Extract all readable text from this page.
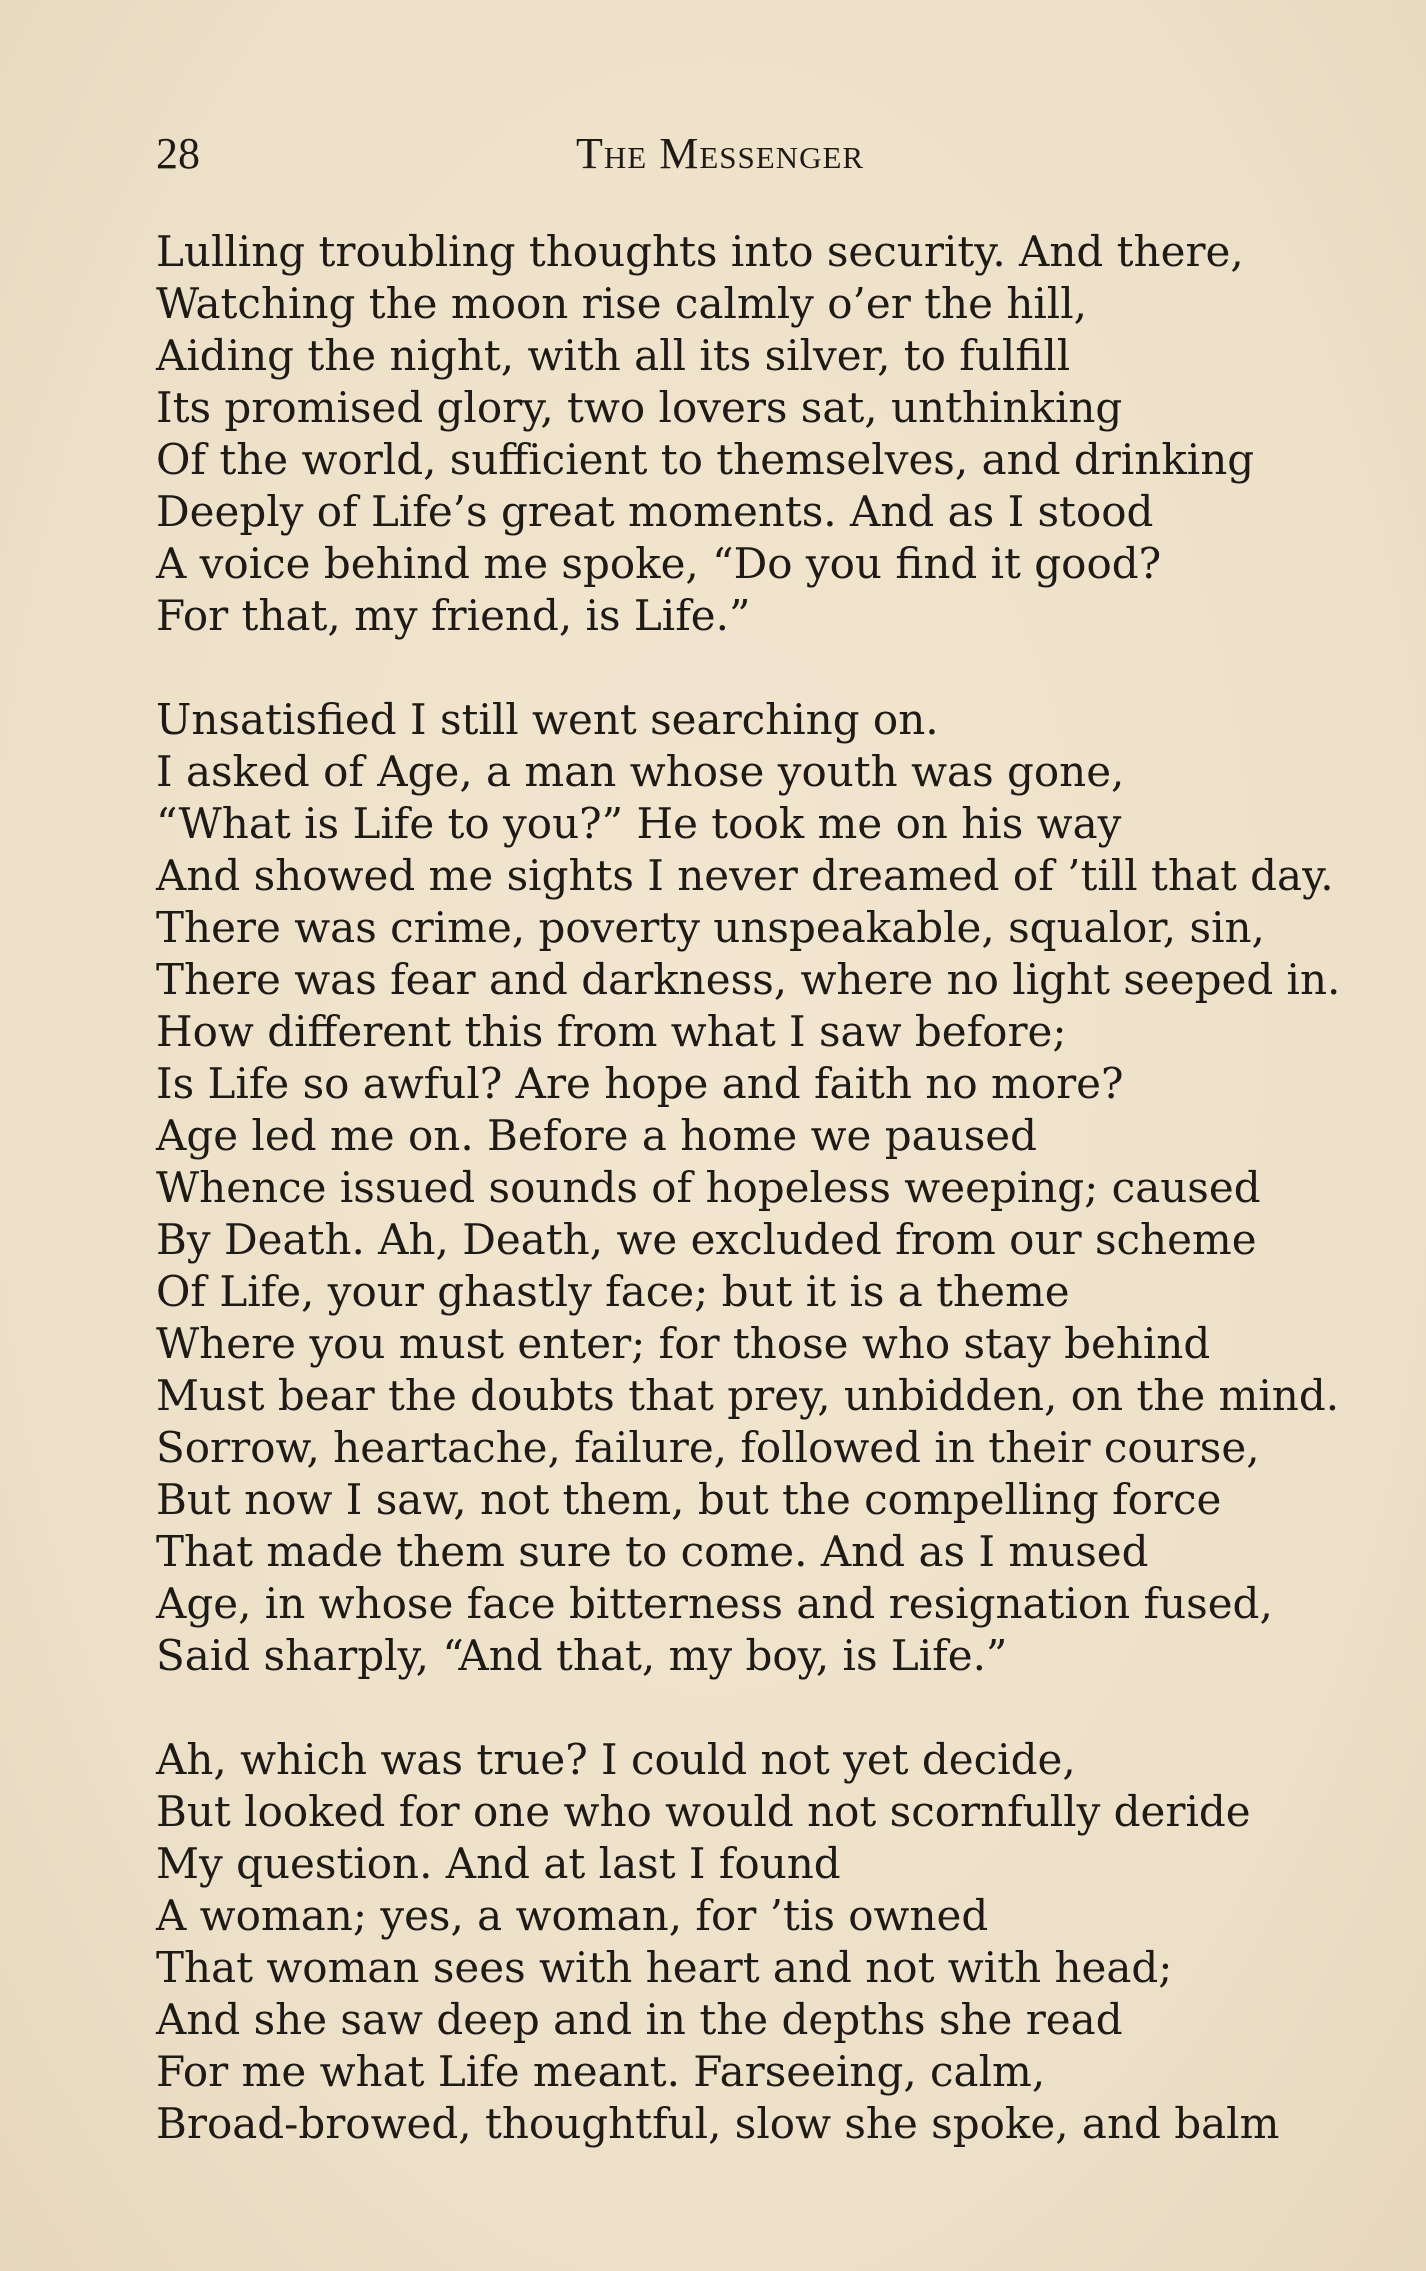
28	The Messenger
Lulling troubling thoughts into security. And there,
Watching the moon rise calmly o’er the hill,
Aiding the night, with all its silver, to fulfill
Its promised glory, two lovers sat, unthinking
Of the world, sufficient to themselves, and drinking
Deeply of Life’s great moments. And as I stood
A voice behind me spoke, “Do you find it good?
For that, my friend, is Life.”
Unsatisfied I still went searching on.
I asked of Age, a man whose youth was gone,
“What is Life to you?” He took me on his way
And showed me sights I never dreamed of ’till that day.
There was crime, poverty unspeakable, squalor, sin,
There was fear and darkness, where no light seeped in.
How different this from what I saw before;
Is Life so awful? Are hope and faith no more?
Age led me on. Before a home we paused
Whence issued sounds of hopeless weeping; caused
By Death. Ah, Death, we excluded from our scheme
Of Life, your ghastly face; but it is a theme
Where you must enter; for those who stay behind
Must bear the doubts that prey, unbidden, on the mind.
Sorrow, heartache, failure, followed in their course,
But now I saw, not them, but the compelling force
That made them sure to come. And as I mused
Age, in whose face bitterness and resignation fused,
Said sharply, “And that, my boy, is Life.”
Ah, which was true? I could not yet decide,
But looked for one who would not scornfully deride
My question. And at last I found
A woman; yes, a woman, for ’tis owned
That woman sees with heart and not with head;
And she saw deep and in the depths she read
For me what Life meant. Farseeing, calm,
Broad-browed, thoughtful, slow she spoke, and balm
